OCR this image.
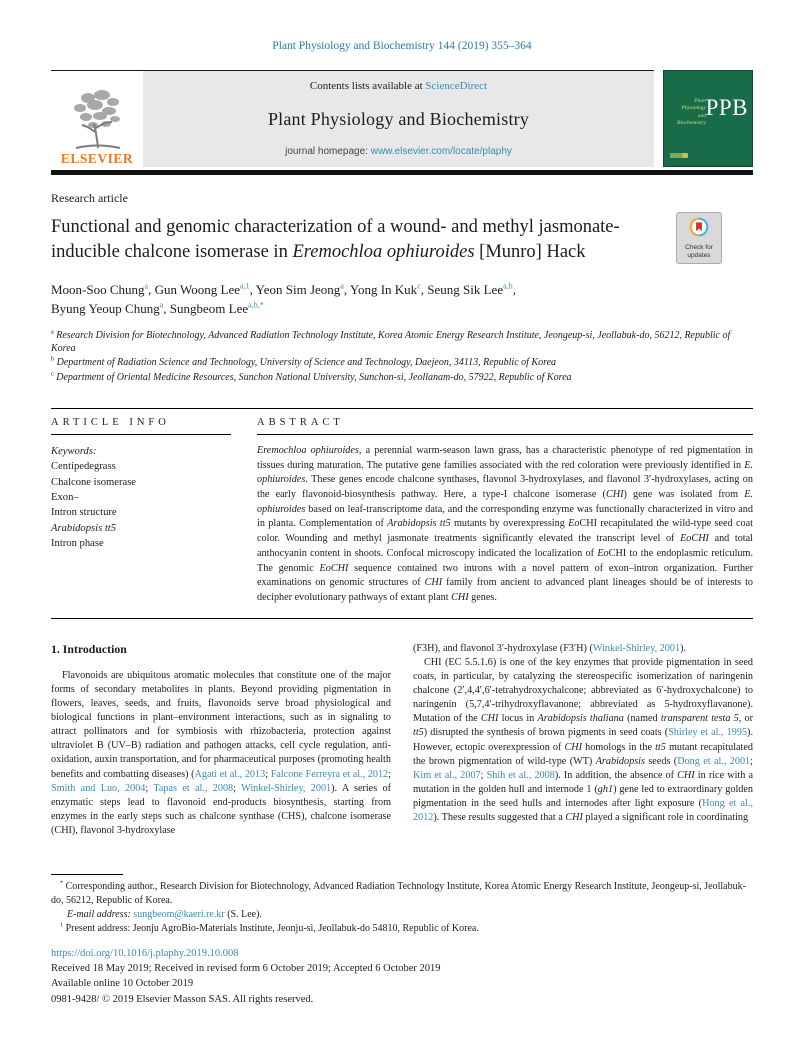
Plant Physiology and Biochemistry 144 (2019) 355–364
ELSEVIER
Contents lists available at ScienceDirect
Plant Physiology and Biochemistry
journal homepage: www.elsevier.com/locate/plaphy
Plant
Physiology
and
Biochemistry
PPB
Research article
Functional and genomic characterization of a wound- and methyl jasmonate-inducible chalcone isomerase in Eremochloa ophiuroides [Munro] Hack	Check for
updates
Moon-Soo Chung$^a$, Gun Woong Lee$^{a,1}$, Yeon Sim Jeong$^a$, Yong In Kuk$^c$, Seung Sik Lee$^{a,b}$,
Byung Yeoup Chung$^a$, Sungbeom Lee$^{a,b,*}$
$^a$ Research Division for Biotechnology, Advanced Radiation Technology Institute, Korea Atomic Energy Research Institute, Jeongeup-si, Jeollabuk-do, 56212, Republic of Korea
$^b$ Department of Radiation Science and Technology, University of Science and Technology, Daejeon, 34113, Republic of Korea
$^c$ Department of Oriental Medicine Resources, Sunchon National University, Sunchon-si, Jeollanam-do, 57922, Republic of Korea
ARTICLE INFO
Keywords:
Centipedegrass
Chalcone isomerase
Exon–
Intron structure
Arabidopsis tt5
Intron phase
ABSTRACT

Eremochloa ophiuroides, a perennial warm-season lawn grass, has a characteristic phenotype of red pigmentation in tissues during maturation. The putative gene families associated with the red coloration were previously identified in E. ophiuroides. These genes encode chalcone synthases, flavonol 3-hydroxylases, and flavonol 3′-hydroxylases, acting on the early flavonoid-biosynthesis pathway. Here, a type-I chalcone isomerase (CHI) gene was isolated from E. ophiuroides based on leaf-transcriptome data, and the corresponding enzyme was functionally characterized in vitro and in planta. Complementation of Arabidopsis tt5 mutants by overexpressing EoCHI recapitulated the wild-type seed coat color. Wounding and methyl jasmonate treatments significantly elevated the transcript level of EoCHI and total anthocyanin content in shoots. Confocal microscopy indicated the localization of EoCHI to the endoplasmic reticulum. The genomic EoCHI sequence contained two introns with a novel pattern of exon–intron organization. Further examinations on genomic structures of CHI family from ancient to advanced plant lineages should be of interests to decipher evolutionary pathways of extant plant CHI genes.

1. Introduction

Flavonoids are ubiquitous aromatic molecules that constitute one of the major forms of secondary metabolites in plants. Beyond providing pigmentation in flowers, leaves, seeds, and fruits, flavonoids serve broad physiological and biological functions in plant–environment interactions, such as in signaling to attract pollinators and for symbiosis with rhizobacteria, protection against ultraviolet B (UV–B) radiation and pathogen attacks, cell cycle regulation, anti-oxidation, auxin transportation, and for pharmaceutical purposes (promoting health benefits and combatting diseases) (Agati et al., 2013; Falcone Ferreyra et al., 2012; Smith and Luo, 2004; Tapas et al., 2008; Winkel-Shirley, 2001). A series of enzymatic steps lead to flavonoid end-products biosynthesis, starting from enzymes in the early steps such as chalcone synthase (CHS), chalcone isomerase (CHI), flavonol 3-hydroxylase

(F3H), and flavonol 3′-hydroxylase (F3′H) (Winkel-Shirley, 2001).

CHI (EC 5.5.1.6) is one of the key enzymes that provide pigmentation in seed coats, in particular, by catalyzing the stereospecific isomerization of naringenin chalcone (2′,4,4′,6′-tetrahydroxychalcone; abbreviated as 6′-hydroxychalcone) to naringenin (5,7,4′-trihydroxyflavanone; abbreviated as 5-hydroxyflavanone). Mutation of the CHI locus in Arabidopsis thaliana (named transparent testa 5, or tt5) disrupted the synthesis of brown pigments in seed coats (Shirley et al., 1995). However, ectopic overexpression of CHI homologs in the tt5 mutant recapitulated the brown pigmentation of wild-type (WT) Arabidopsis seeds (Dong et al., 2001; Kim et al., 2007; Shih et al., 2008). In addition, the absence of CHI in rice with a mutation in the golden hull and internode 1 (gh1) gene led to extraordinary golden pigmentation in the seed hulls and internodes after light exposure (Hong et al., 2012). These results suggested that a CHI played a significant role in coordinating

* Corresponding author., Research Division for Biotechnology, Advanced Radiation Technology Institute, Korea Atomic Energy Research Institute, Jeongeup-si, Jeollabuk-do, 56212, Republic of Korea.

E-mail address: sungbeom@kaeri.re.kr (S. Lee).

$^1$ Present address: Jeonju AgroBio-Materials Institute, Jeonju-si, Jeollabuk-do 54810, Republic of Korea.

https://doi.org/10.1016/j.plaphy.2019.10.008
Received 18 May 2019; Received in revised form 6 October 2019; Accepted 6 October 2019
Available online 10 October 2019
0981-9428/ © 2019 Elsevier Masson SAS. All rights reserved.
